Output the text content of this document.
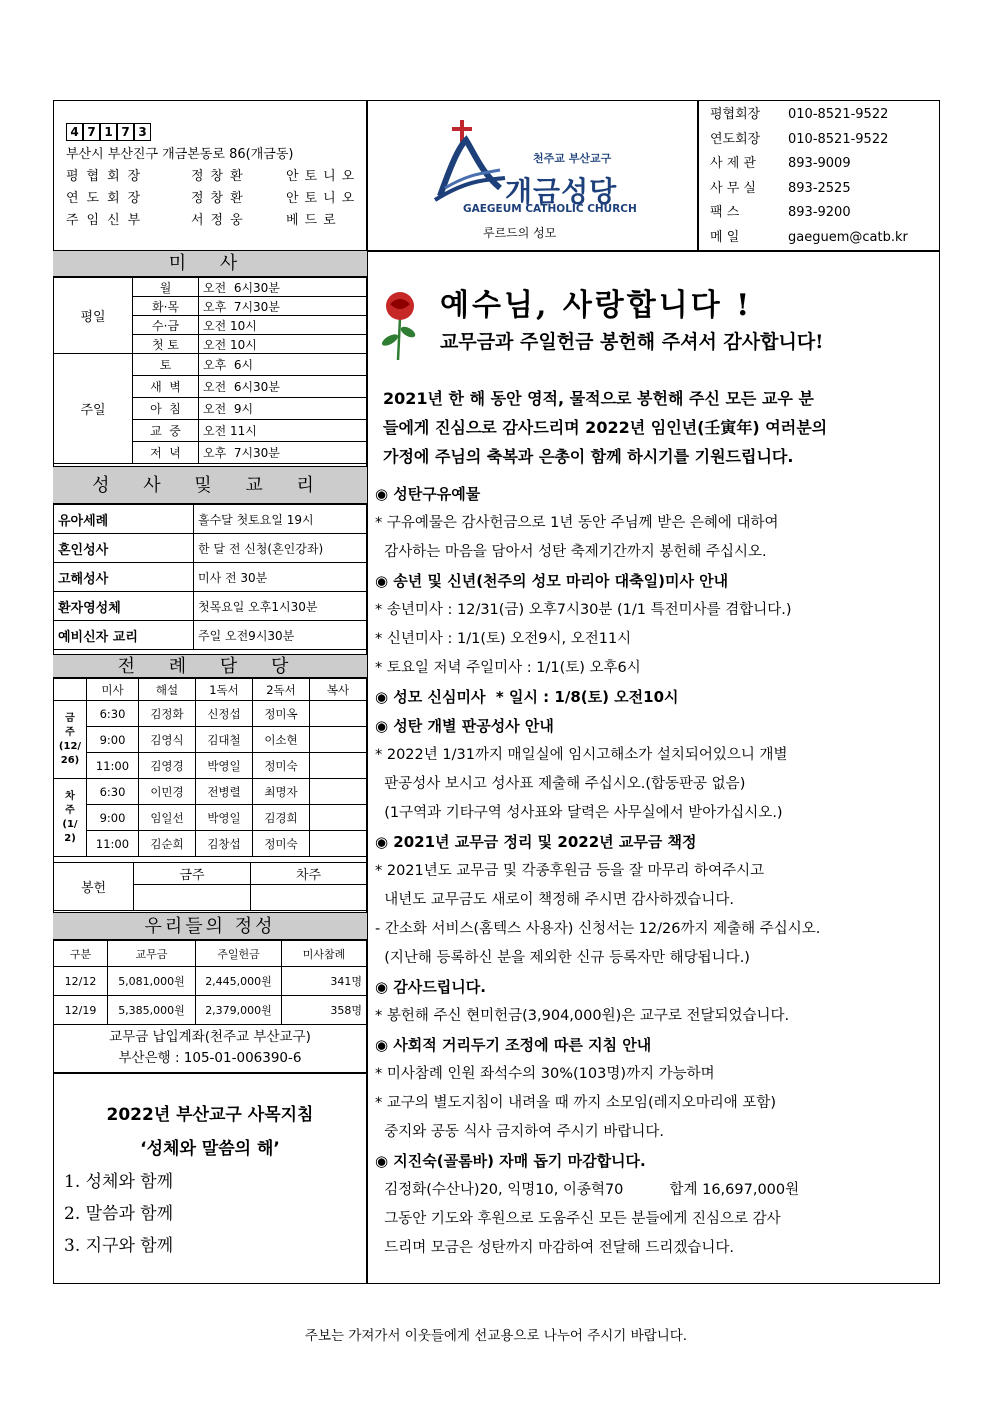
4 7 1 7 3
부산시 부산진구 개금본동로 86(개금동)
평협회장	정창환	안토니오
연도회장	정창환	안토니오
주임신부	서정웅	베드로
천주교 부산교구
개금성당
GAEGEUM CATHOLIC CHURCH
루르드의 성모
평협회장	010-8521-9522
연도회장	010-8521-9522
사 제 관	893-9009
사 무 실	893-2525
팩 스	893-9200
메 일	gaeguem@catb.kr
미 사
평일	월	오전  6시30분
	화·목	오후  7시30분
	수·금	오전 10시
	첫 토	오전 10시
주일	토	오후  6시
	새  벽	오전  6시30분
	아  침	오전  9시
	교  중	오전 11시
	저  녁	오후  7시30분
성 사 및 교 리
유아세례	홀수달 첫토요일 19시
혼인성사	한 달 전 신청(혼인강좌)
고해성사	미사 전 30분
환자영성체	첫목요일 오후1시30분
예비신자 교리	주일 오전9시30분
전 례 담 당
	미사	해설	1독서	2독서	복사
금
주
(12/
26)	6:30	김정화	신정섭	정미옥	
	9:00	김영식	김대철	이소현	
	11:00	김영경	박영일	정미숙	
차
주
(1/
2)	6:30	이민경	전병렬	최명자	
	9:00	임일선	박영일	김경희	
	11:00	김순희	김창섭	정미숙	
봉헌	금주	차주

우리들의 정성
구분	교무금	주일헌금	미사참례
12/12	5,081,000원	2,445,000원	341명
12/19	5,385,000원	2,379,000원	358명
교무금 납입계좌(천주교 부산교구)
부산은행 : 105-01-006390-6
2022년 부산교구 사목지침
‘성체와 말씀의 해’
1. 성체와 함께
2. 말씀과 함께
3. 지구와 함께
예수님, 사랑합니다 !
교무금과 주일헌금 봉헌해 주셔서 감사합니다!
2021년 한 해 동안 영적, 물적으로 봉헌해 주신 모든 교우 분
들에게 진심으로 감사드리며 2022년 임인년(壬寅年) 여러분의
가정에 주님의 축복과 은총이 함께 하시기를 기원드립니다.
◉ 성탄구유예물
* 구유예물은 감사헌금으로 1년 동안 주님께 받은 은혜에 대하여
감사하는 마음을 담아서 성탄 축제기간까지 봉헌해 주십시오.
◉ 송년 및 신년(천주의 성모 마리아 대축일)미사 안내
* 송년미사 : 12/31(금) 오후7시30분 (1/1 특전미사를 겸합니다.)
* 신년미사 : 1/1(토) 오전9시, 오전11시
* 토요일 저녁 주일미사 : 1/1(토) 오후6시
◉ 성모 신심미사  * 일시 : 1/8(토) 오전10시
◉ 성탄 개별 판공성사 안내
* 2022년 1/31까지 매일실에 임시고해소가 설치되어있으니 개별
판공성사 보시고 성사표 제출해 주십시오.(합동판공 없음)
(1구역과 기타구역 성사표와 달력은 사무실에서 받아가십시오.)
◉ 2021년 교무금 정리 및 2022년 교무금 책정
* 2021년도 교무금 및 각종후원금 등을 잘 마무리 하여주시고
내년도 교무금도 새로이 책정해 주시면 감사하겠습니다.
- 간소화 서비스(홈텍스 사용자) 신청서는 12/26까지 제출해 주십시오.
(지난해 등록하신 분을 제외한 신규 등록자만 해당됩니다.)
◉ 감사드립니다.
* 봉헌해 주신 현미헌금(3,904,000원)은 교구로 전달되었습니다.
◉ 사회적 거리두기 조정에 따른 지침 안내
* 미사참례 인원 좌석수의 30%(103명)까지 가능하며
* 교구의 별도지침이 내려올 때 까지 소모임(레지오마리애 포함)
중지와 공동 식사 금지하여 주시기 바랍니다.
◉ 지진숙(골롬바) 자매 돕기 마감합니다.
김정화(수산나)20, 익명10, 이종혁70          합계 16,697,000원
그동안 기도와 후원으로 도움주신 모든 분들에게 진심으로 감사
드리며 모금은 성탄까지 마감하여 전달해 드리겠습니다.
주보는 가져가서 이웃들에게 선교용으로 나누어 주시기 바랍니다.
